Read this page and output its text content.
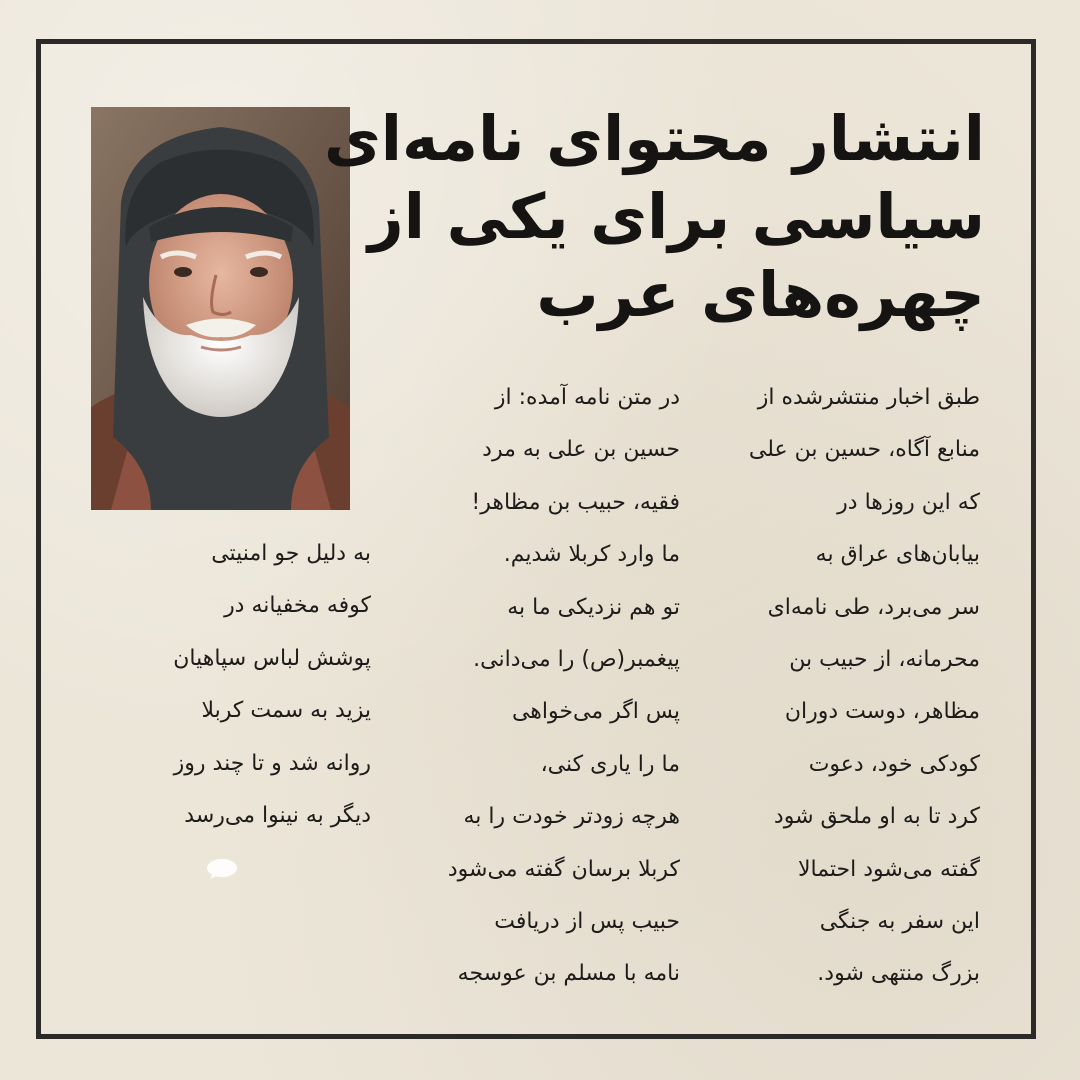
انتشار محتوای نامه‌ای
سیاسی برای یکی از
چهره‌های عرب
طبق اخبار منتشرشده از
منابع آگاه، حسین بن علی
که این روزها در
بیابان‌های عراق به
سر می‌برد، طی نامه‌ای
محرمانه، از حبیب بن
مظاهر، دوست دوران
کودکی خود، دعوت
کرد تا به او ملحق شود
گفته می‌شود احتمالا
این سفر به جنگی
بزرگ منتهی شود.
در متن نامه آمده: از
حسین بن علی به مرد
فقیه، حبیب بن مظاهر!
ما وارد کربلا شدیم.
تو هم نزدیکی ما به
پیغمبر(ص) را می‌دانی.
پس اگر می‌خواهی
ما را یاری کنی،
هرچه زودتر خودت را به
کربلا برسان گفته می‌شود
حبیب پس از دریافت
نامه با مسلم بن عوسجه
به دلیل جو امنیتی
کوفه مخفیانه در
پوشش لباس سپاهیان
یزید به سمت کربلا
روانه شد و تا چند روز
دیگر به نینوا می‌رسد
